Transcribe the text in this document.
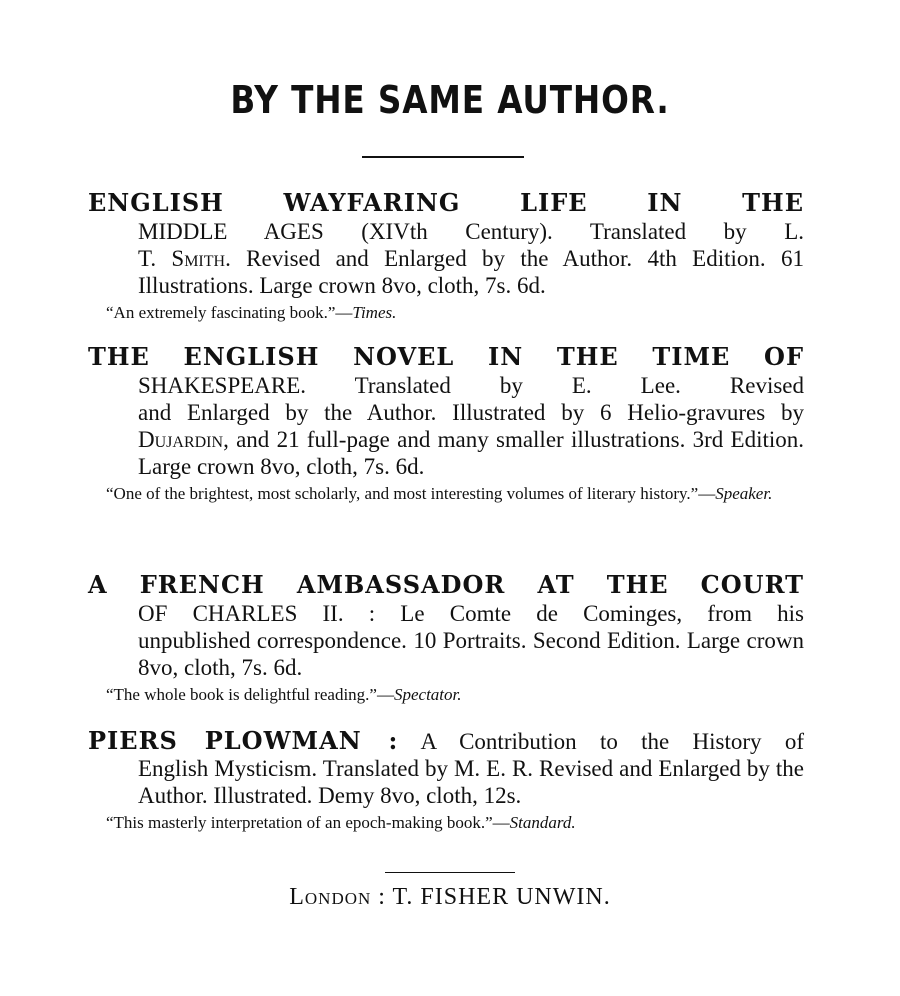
BY THE SAME AUTHOR.
ENGLISH WAYFARING LIFE IN THE
MIDDLE AGES (XIVth Century). Translated by L.
T. Smith. Revised and Enlarged by the Author. 4th Edition. 61 Illustrations. Large crown 8vo, cloth, 7s. 6d.
“An extremely fascinating book.”—Times.
THE ENGLISH NOVEL IN THE TIME OF
SHAKESPEARE. Translated by E. Lee. Revised
and Enlarged by the Author. Illustrated by 6 Helio-gravures by Dujardin, and 21 full-page and many smaller illustrations. 3rd Edition. Large crown 8vo, cloth, 7s. 6d.
“One of the brightest, most scholarly, and most interesting volumes of literary history.”—Speaker.
A FRENCH AMBASSADOR AT THE COURT
OF CHARLES II. : Le Comte de Cominges, from his
unpublished correspondence. 10 Portraits. Second Edition. Large crown 8vo, cloth, 7s. 6d.
“The whole book is delightful reading.”—Spectator.
PIERS PLOWMAN : A Contribution to the History of
English Mysticism. Translated by M. E. R. Revised and Enlarged by the Author. Illustrated. Demy 8vo, cloth, 12s.
“This masterly interpretation of an epoch-making book.”—Standard.
London : T. FISHER UNWIN.
